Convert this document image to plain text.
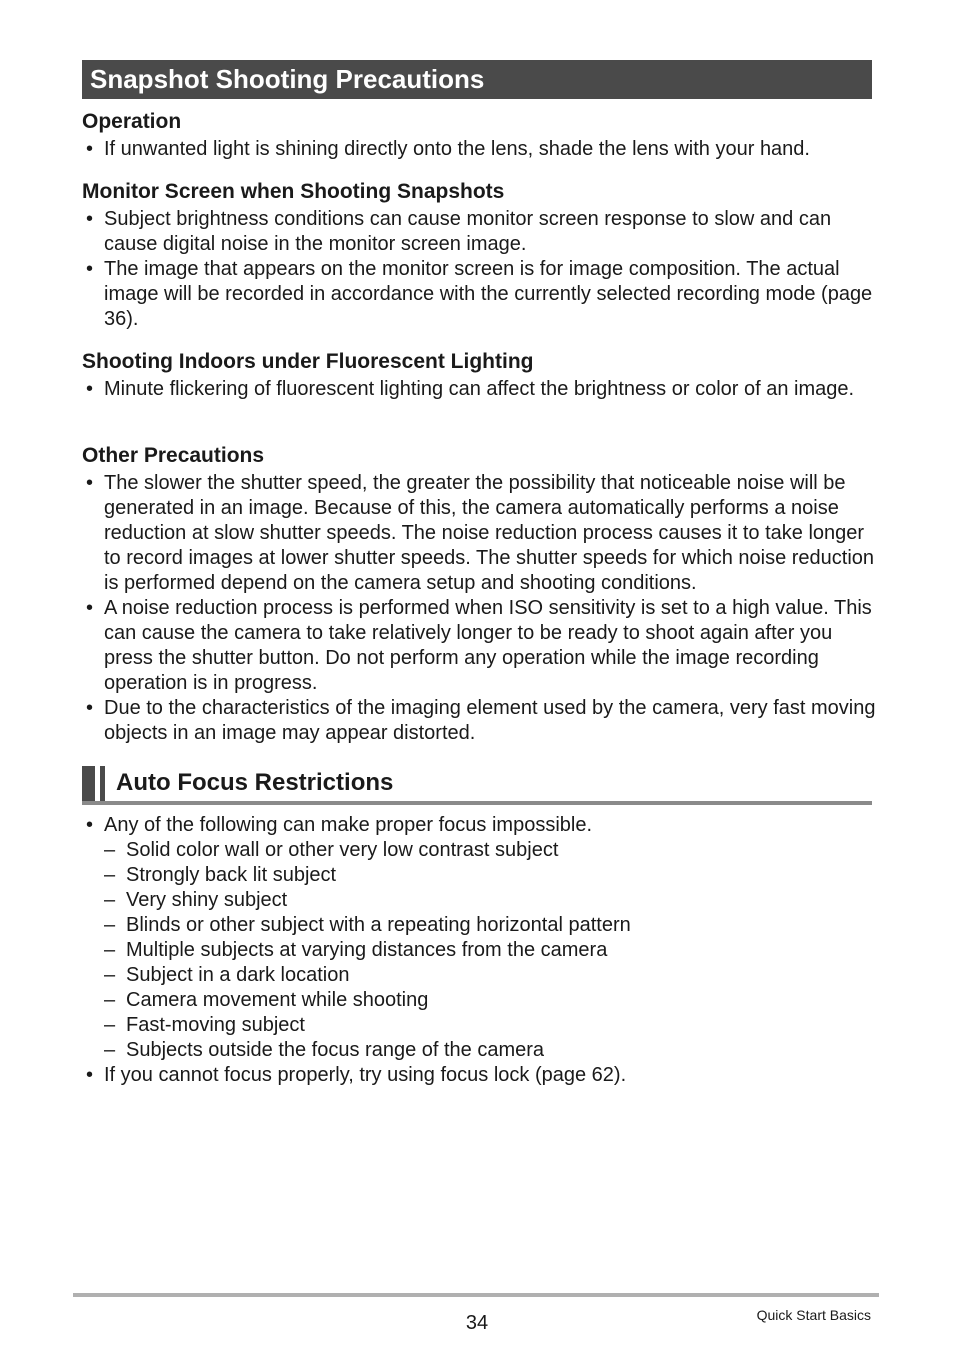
Snapshot Shooting Precautions
Operation
• If unwanted light is shining directly onto the lens, shade the lens with your hand.
Monitor Screen when Shooting Snapshots
• Subject brightness conditions can cause monitor screen response to slow and can cause digital noise in the monitor screen image.
• The image that appears on the monitor screen is for image composition. The actual image will be recorded in accordance with the currently selected recording mode (page 36).
Shooting Indoors under Fluorescent Lighting
• Minute flickering of fluorescent lighting can affect the brightness or color of an image.
Other Precautions
• The slower the shutter speed, the greater the possibility that noticeable noise will be generated in an image. Because of this, the camera automatically performs a noise reduction at slow shutter speeds. The noise reduction process causes it to take longer to record images at lower shutter speeds. The shutter speeds for which noise reduction is performed depend on the camera setup and shooting conditions.
• A noise reduction process is performed when ISO sensitivity is set to a high value. This can cause the camera to take relatively longer to be ready to shoot again after you press the shutter button. Do not perform any operation while the image recording operation is in progress.
• Due to the characteristics of the imaging element used by the camera, very fast moving objects in an image may appear distorted.
Auto Focus Restrictions
• Any of the following can make proper focus impossible.
– Solid color wall or other very low contrast subject
– Strongly back lit subject
– Very shiny subject
– Blinds or other subject with a repeating horizontal pattern
– Multiple subjects at varying distances from the camera
– Subject in a dark location
– Camera movement while shooting
– Fast-moving subject
– Subjects outside the focus range of the camera
• If you cannot focus properly, try using focus lock (page 62).
34	Quick Start Basics
